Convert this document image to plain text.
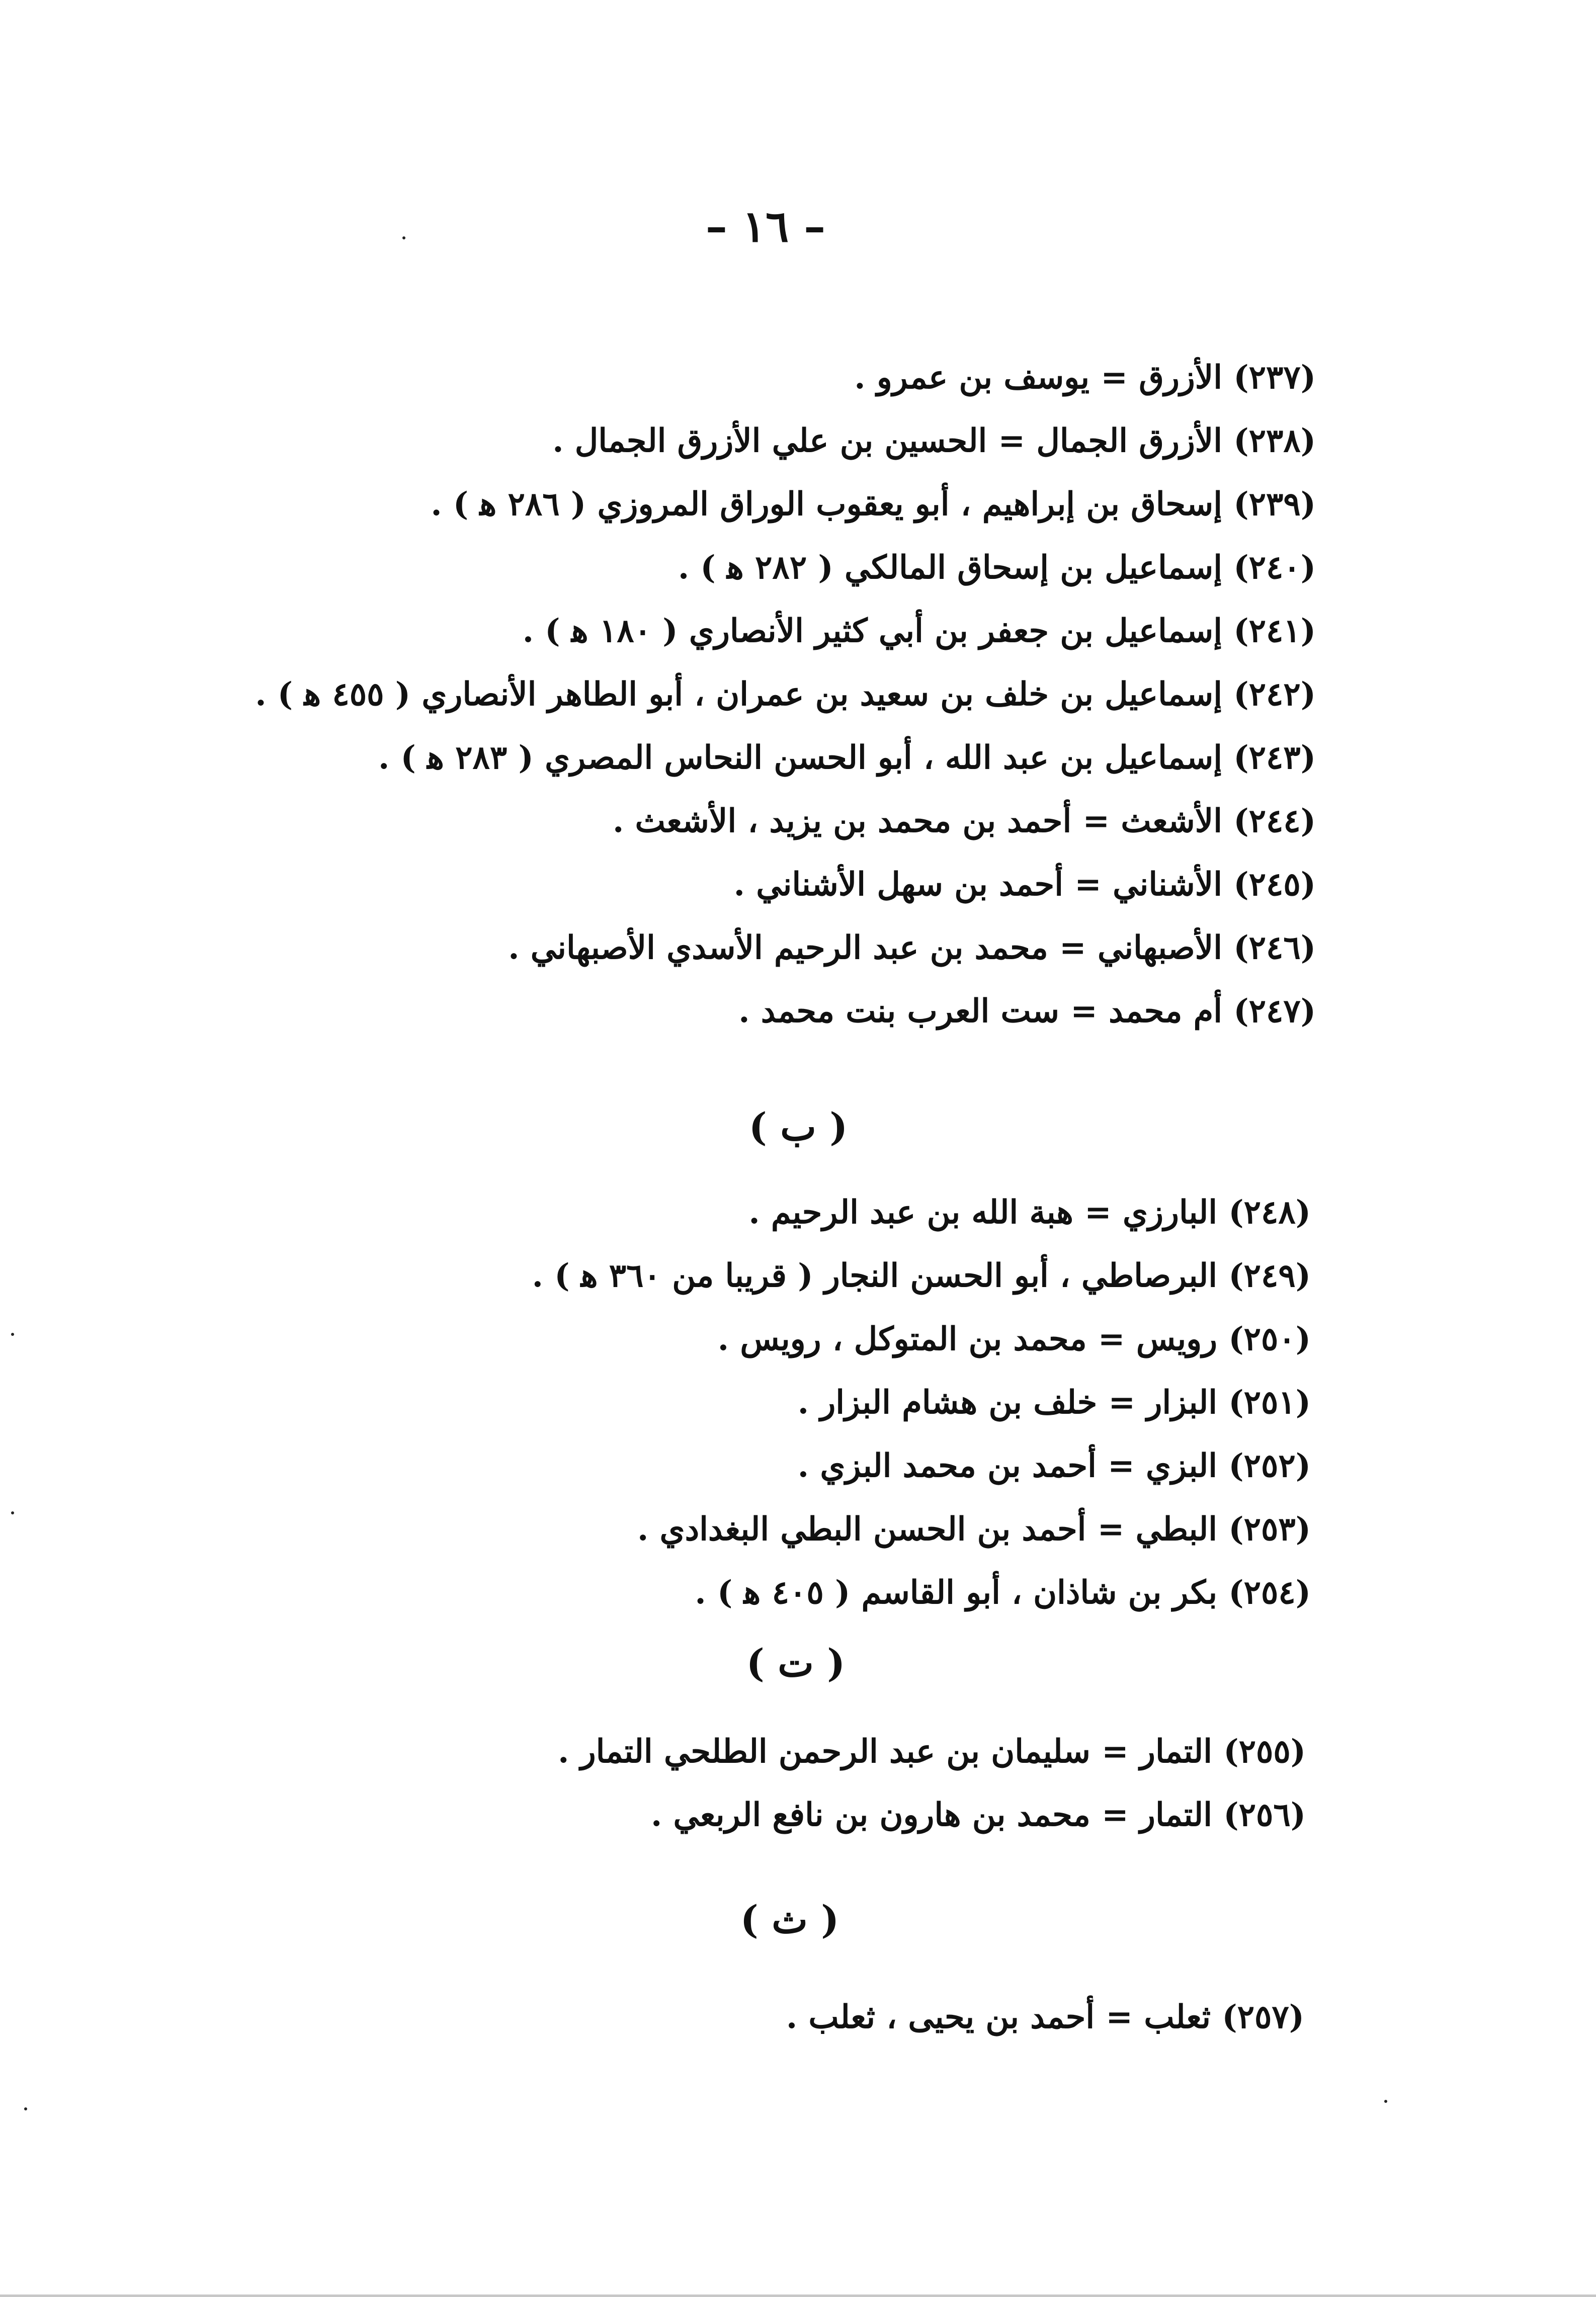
– ١٦ –
(٢٣٧) الأزرق = يوسف بن عمرو .
(٢٣٨) الأزرق الجمال = الحسين بن علي الأزرق الجمال .
(٢٣٩) إسحاق بن إبراهيم ، أبو يعقوب الوراق المروزي ( ٢٨٦ ﻫ ) .
(٢٤٠) إسماعيل بن إسحاق المالكي ( ٢٨٢ ﻫ ) .
(٢٤١) إسماعيل بن جعفر بن أبي كثير الأنصاري ( ١٨٠ ﻫ ) .
(٢٤٢) إسماعيل بن خلف بن سعيد بن عمران ، أبو الطاهر الأنصاري ( ٤٥٥ ﻫ ) .
(٢٤٣) إسماعيل بن عبد الله ، أبو الحسن النحاس المصري ( ٢٨٣ ﻫ ) .
(٢٤٤) الأشعث = أحمد بن محمد بن يزيد ، الأشعث .
(٢٤٥) الأشناني = أحمد بن سهل الأشناني .
(٢٤٦) الأصبهاني = محمد بن عبد الرحيم الأسدي الأصبهاني .
(٢٤٧) أم محمد = ست العرب بنت محمد .
( ب )
(٢٤٨) البارزي = هبة الله بن عبد الرحيم .
(٢٤٩) البرصاطي ، أبو الحسن النجار ( قريبا من ٣٦٠ ﻫ ) .
(٢٥٠) رويس = محمد بن المتوكل ، رويس .
(٢٥١) البزار = خلف بن هشام البزار .
(٢٥٢) البزي = أحمد بن محمد البزي .
(٢٥٣) البطي = أحمد بن الحسن البطي البغدادي .
(٢٥٤) بكر بن شاذان ، أبو القاسم ( ٤٠٥ ﻫ ) .
( ت )
(٢٥٥) التمار = سليمان بن عبد الرحمن الطلحي التمار .
(٢٥٦) التمار = محمد بن هارون بن نافع الربعي .
( ث )
(٢٥٧) ثعلب = أحمد بن يحيى ، ثعلب .
